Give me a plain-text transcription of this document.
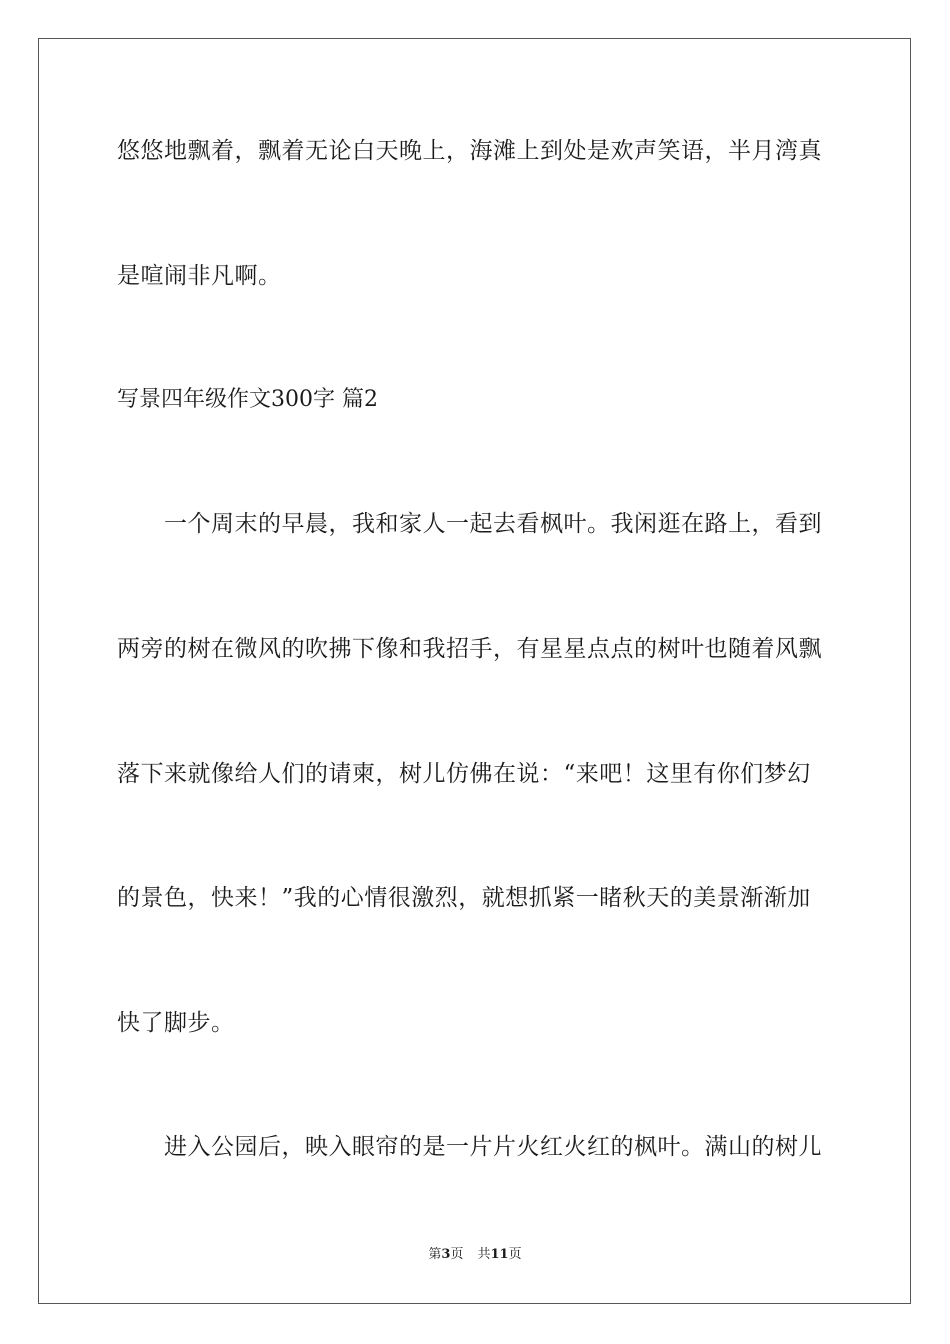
悠悠地飘着，飘着无论白天晚上，海滩上到处是欢声笑语，半月湾真
是喧闹非凡啊。
写景四年级作文300字 篇2
一个周末的早晨，我和家人一起去看枫叶。我闲逛在路上，看到
两旁的树在微风的吹拂下像和我招手，有星星点点的树叶也随着风飘
落下来就像给人们的请柬，树儿仿佛在说：“来吧！这里有你们梦幻
的景色，快来！”我的心情很激烈，就想抓紧一睹秋天的美景渐渐加
快了脚步。
进入公园后，映入眼帘的是一片片火红火红的枫叶。满山的树儿
第3页 共11页
